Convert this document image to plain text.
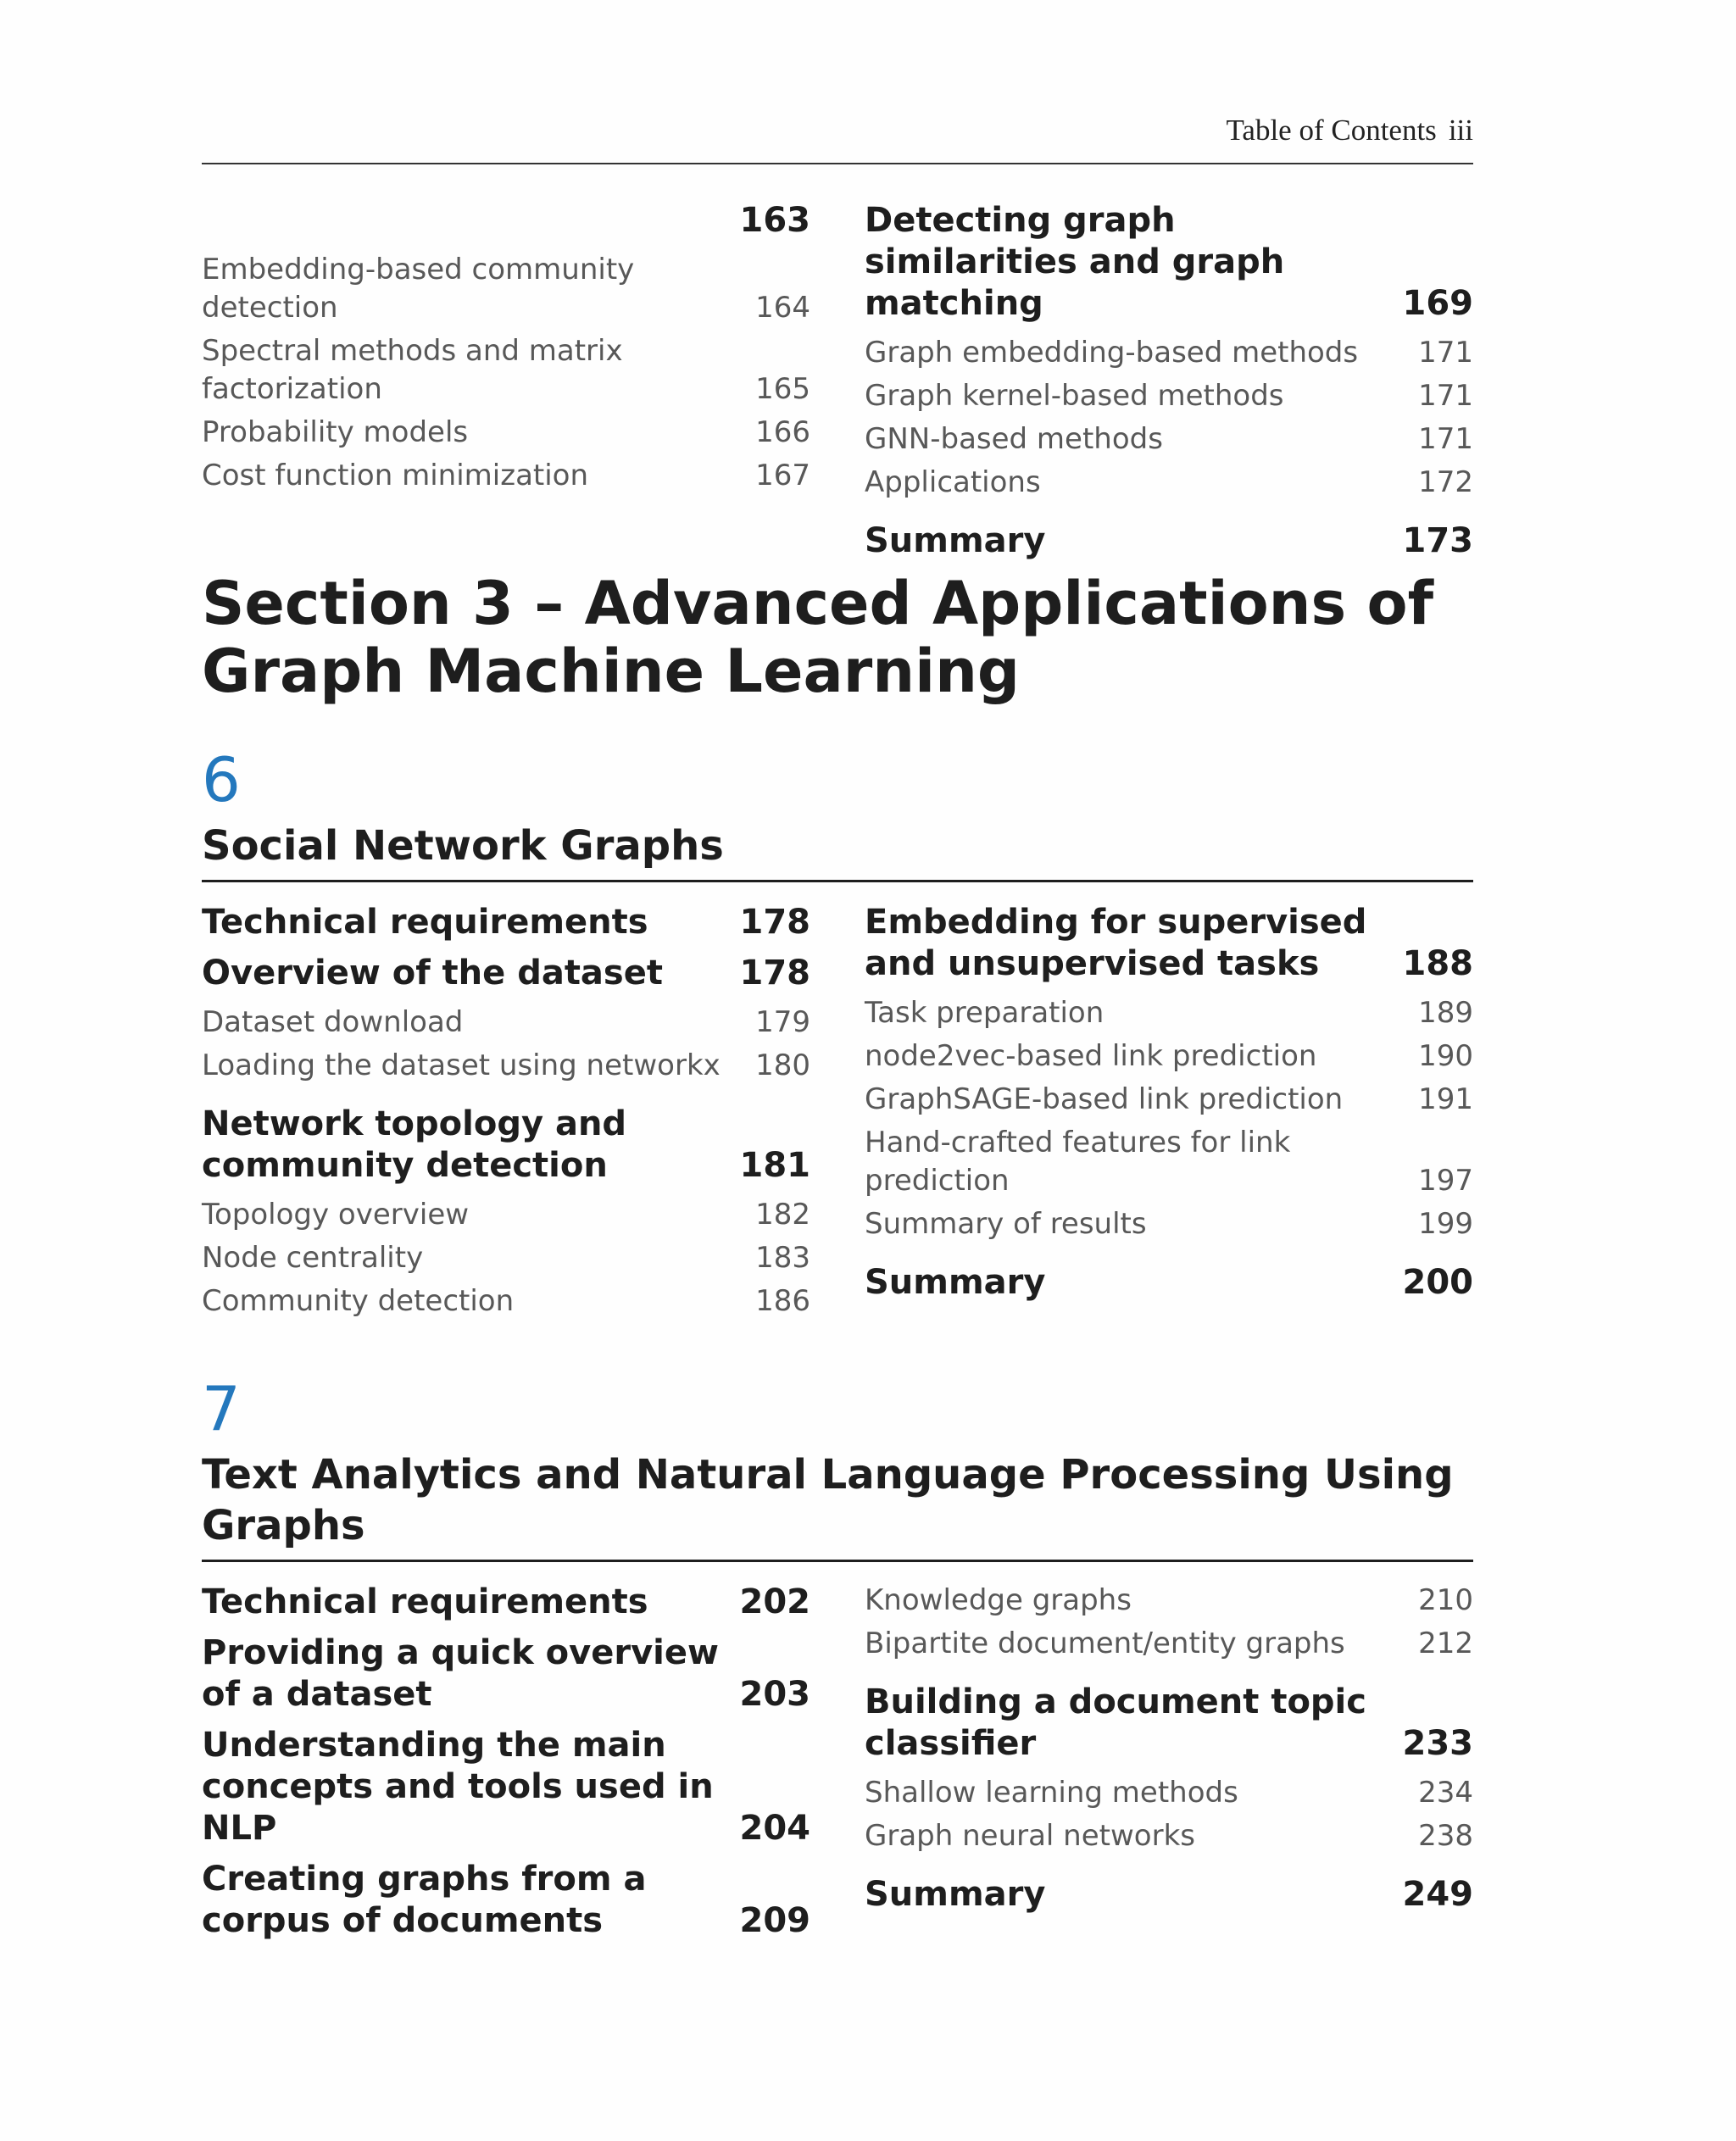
Table of Contents iii
163
Embedding-based community detection	164
Spectral methods and matrix factorization	165
Probability models	166
Cost function minimization	167
Detecting graph similarities and graph matching	169
Graph embedding-based methods	171
Graph kernel-based methods	171
GNN-based methods	171
Applications	172
Summary	173
Section 3 – Advanced Applications of Graph Machine Learning
6
Social Network Graphs
Technical requirements	178
Overview of the dataset	178
Dataset download	179
Loading the dataset using networkx	180
Network topology and community detection	181
Topology overview	182
Node centrality	183
Community detection	186
Embedding for supervised and unsupervised tasks	188
Task preparation	189
node2vec-based link prediction	190
GraphSAGE-based link prediction	191
Hand-crafted features for link prediction	197
Summary of results	199
Summary	200
7
Text Analytics and Natural Language Processing Using Graphs
Technical requirements	202
Providing a quick overview of a dataset	203
Understanding the main concepts and tools used in NLP	204
Creating graphs from a corpus of documents	209
Knowledge graphs	210
Bipartite document/entity graphs	212
Building a document topic classifier	233
Shallow learning methods	234
Graph neural networks	238
Summary	249
